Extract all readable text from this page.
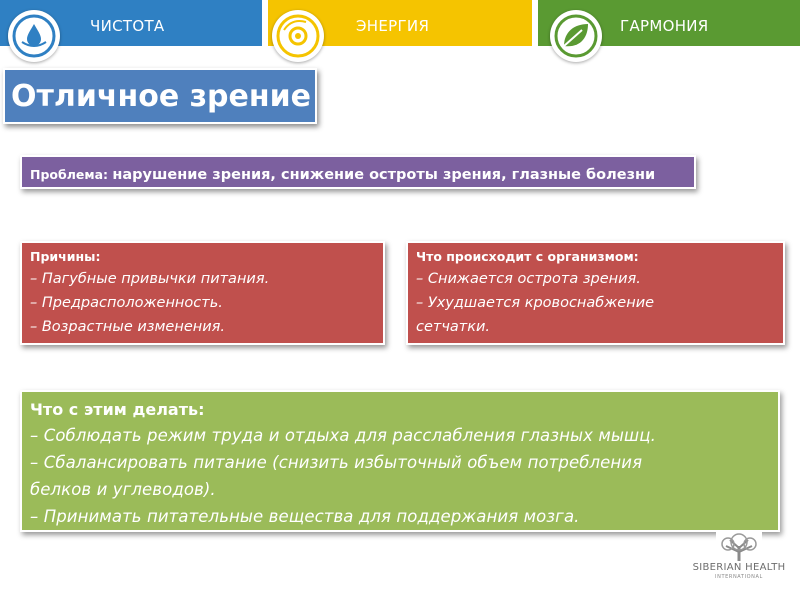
ЧИСТОТА	ЭНЕРГИЯ	ГАРМОНИЯ
Отличное зрение
Проблема: нарушение зрения, снижение остроты зрения, глазные болезни
Причины:
– Пагубные привычки питания.
– Предрасположенность.
– Возрастные изменения.
Что происходит с организмом:
– Снижается острота зрения.
– Ухудшается кровоснабжение
сетчатки.
Что с этим делать:
– Соблюдать режим труда и отдыха для расслабления глазных мышц.
– Сбалансировать питание (снизить избыточный объем потребления
белков и углеводов).
– Принимать питательные вещества для поддержания мозга.
SIBERIAN HEALTH
INTERNATIONAL
